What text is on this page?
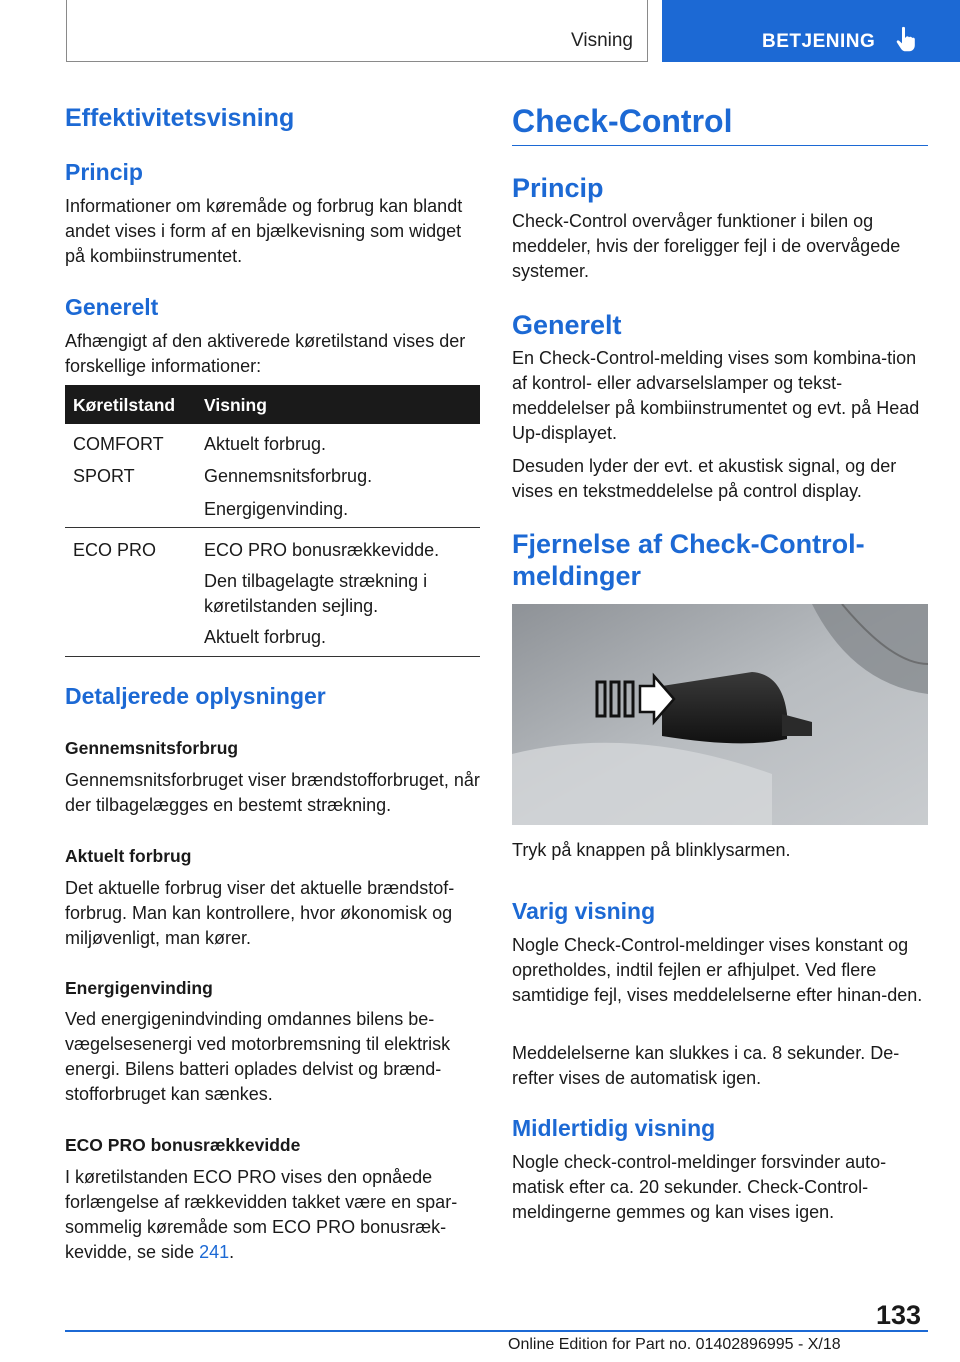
Visning	BETJENING
Effektivitetsvisning
Princip

Informationer om køremåde og forbrug kan blandt andet vises i form af en bjælkevisning som widget på kombiinstrumentet.

Generelt

Afhængigt af den aktiverede køretilstand vises der forskellige informationer:

Køretilstand Visning
COMFORT
SPORT
Aktuelt forbrug.
Gennemsnitsforbrug.
Energigenvinding.
ECO PRO	ECO PRO bonusrækkevidde.
Den tilbagelagte strækning i køretilstanden sejling.
Aktuelt forbrug.
Detaljerede oplysninger
Gennemsnitsforbrug

Gennemsnitsforbruget viser brændstofforbruget, når der tilbagelægges en bestemt strækning.

Aktuelt forbrug

Det aktuelle forbrug viser det aktuelle brændstof-forbrug. Man kan kontrollere, hvor økonomisk og miljøvenligt, man kører.

Energigenvinding

Ved energigenindvinding omdannes bilens be-vægelsesenergi ved motorbremsning til elektrisk energi. Bilens batteri oplades delvist og brænd-stofforbruget kan sænkes.

ECO PRO bonusrækkevidde

I køretilstanden ECO PRO vises den opnåede forlængelse af rækkevidden takket være en spar-sommelig køremåde som ECO PRO bonusræk-kevidde, se side 241.

Check-Control
Princip

Check-Control overvåger funktioner i bilen og meddeler, hvis der foreligger fejl i de overvågede systemer.

Generelt

En Check-Control-melding vises som kombina-tion af kontrol- eller advarselslamper og tekst-meddelelser på kombiinstrumentet og evt. på Head Up-displayet.

Desuden lyder der evt. et akustisk signal, og der vises en tekstmeddelelse på control display.

Fjernelse af Check-Control-meldinger

Tryk på knappen på blinklysarmen.

Varig visning

Nogle Check-Control-meldinger vises konstant og opretholdes, indtil fejlen er afhjulpet. Ved flere samtidige fejl, vises meddelelserne efter hinan-den.

Meddelelserne kan slukkes i ca. 8 sekunder. De-refter vises de automatisk igen.

Midlertidig visning

Nogle check-control-meldinger forsvinder auto-matisk efter ca. 20 sekunder. Check-Control-meldingerne gemmes og kan vises igen.

133
Online Edition for Part no. 01402896995 - X/18
